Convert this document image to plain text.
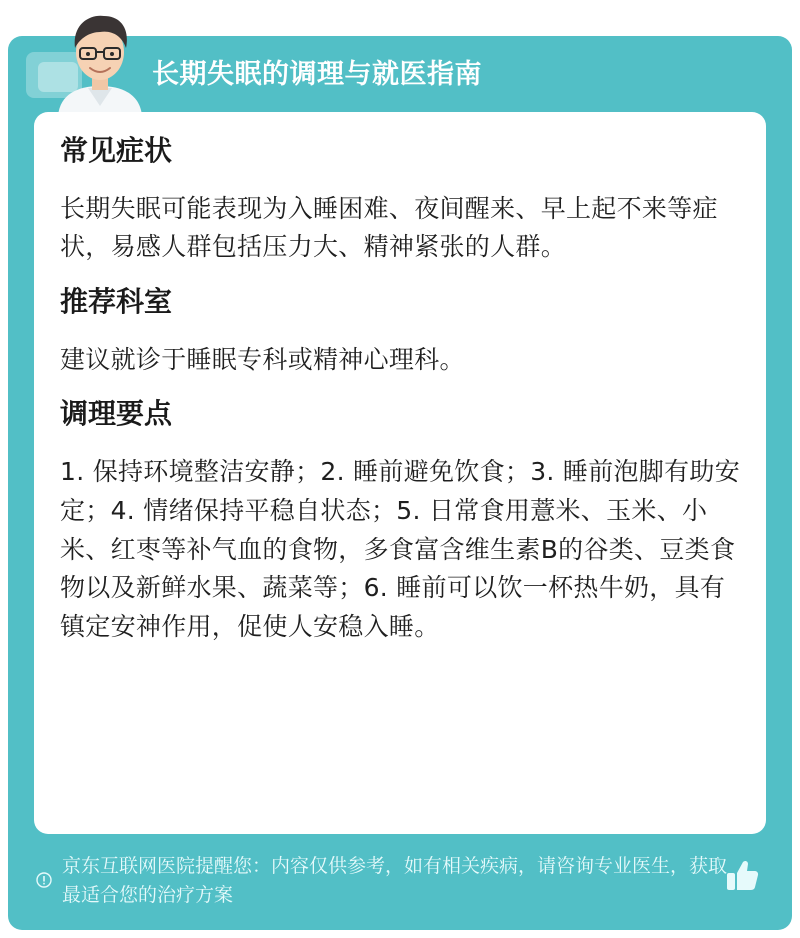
长期失眠的调理与就医指南
常见症状
长期失眠可能表现为入睡困难、夜间醒来、早上起不来等症状，易感人群包括压力大、精神紧张的人群。
推荐科室
建议就诊于睡眠专科或精神心理科。
调理要点
1. 保持环境整洁安静；2. 睡前避免饮食；3. 睡前泡脚有助安定；4. 情绪保持平稳自状态；5. 日常食用薏米、玉米、小米、红枣等补气血的食物，多食富含维生素B的谷类、豆类食物以及新鲜水果、蔬菜等；6. 睡前可以饮一杯热牛奶，具有镇定安神作用，促使人安稳入睡。
京东互联网医院提醒您：内容仅供参考，如有相关疾病，请咨询专业医生，获取最适合您的治疗方案
